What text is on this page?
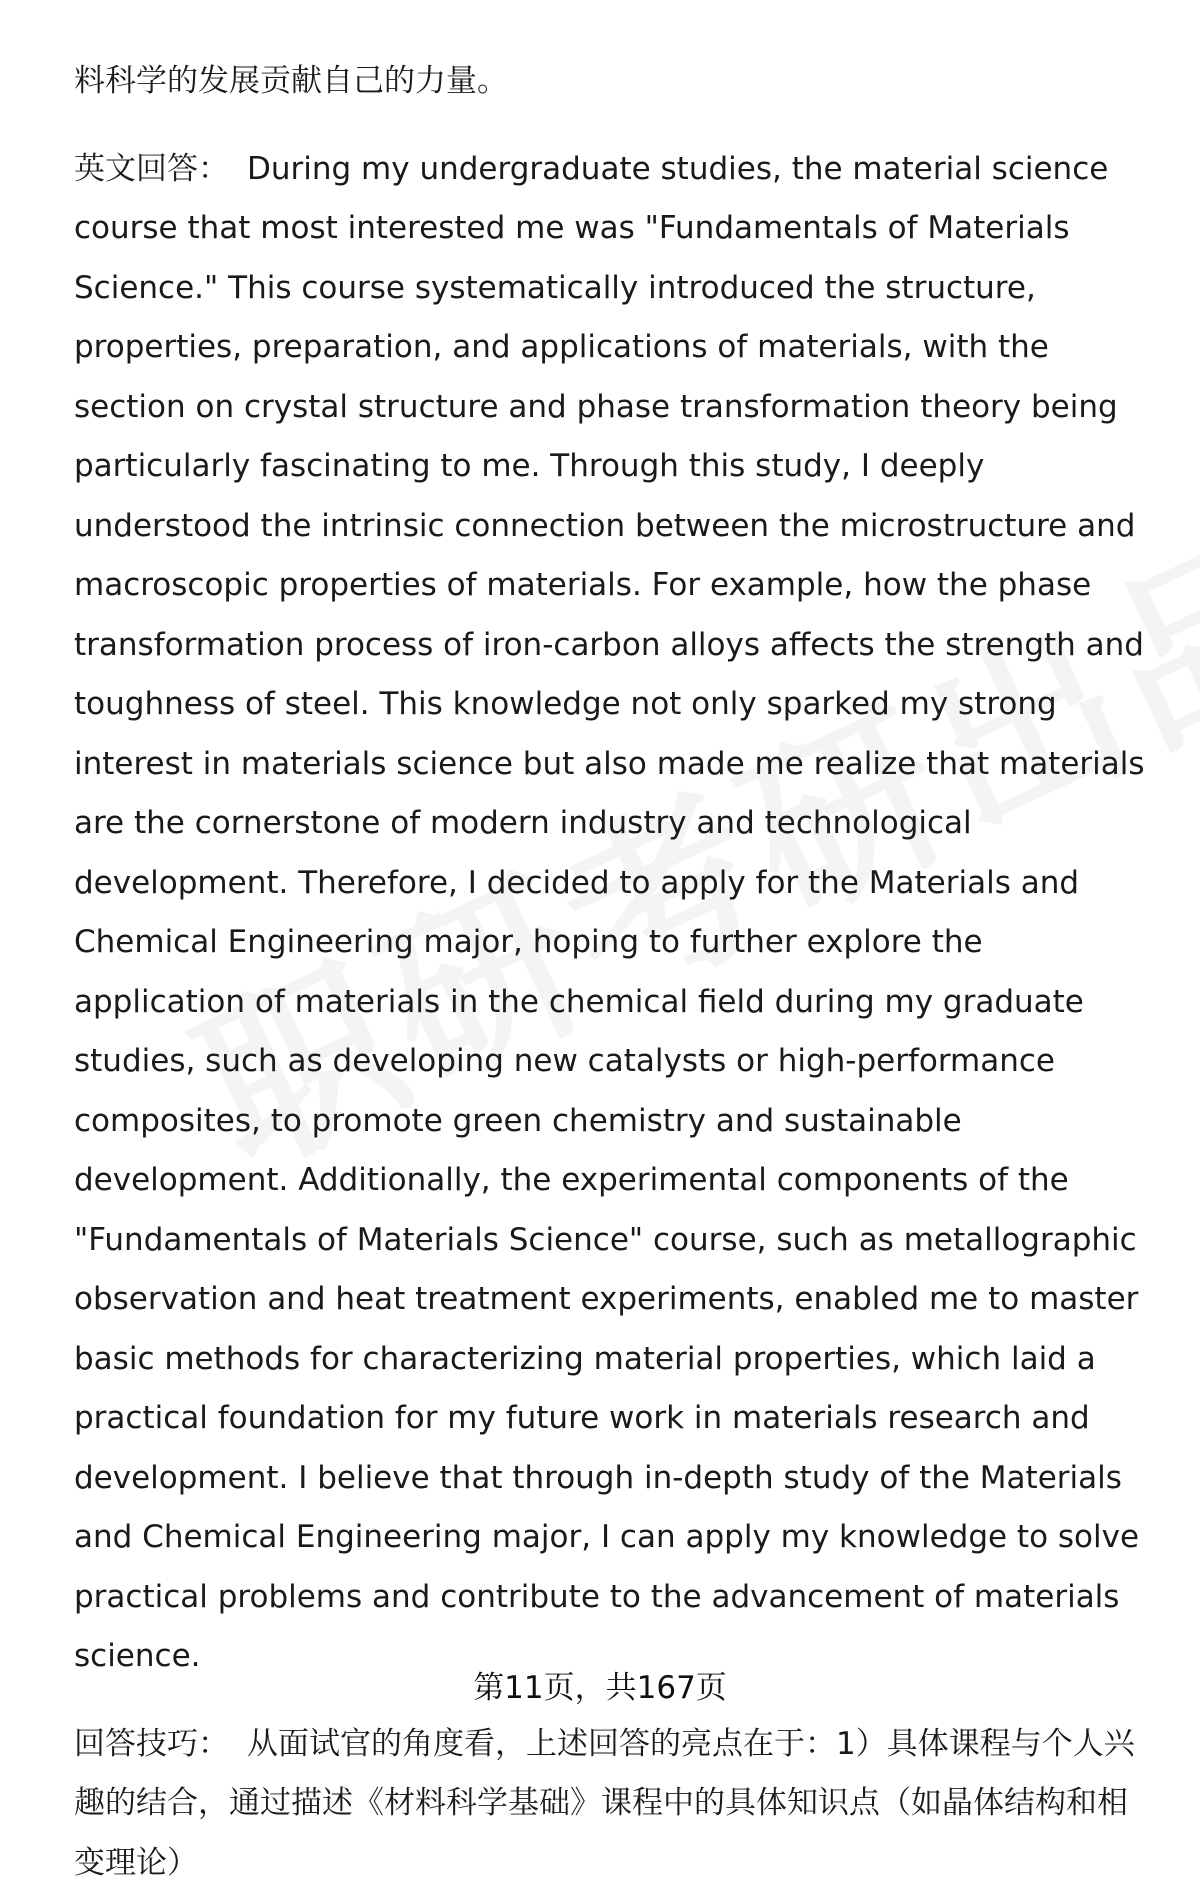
料科学的发展贡献自己的力量。

英文回答： During my undergraduate studies, the material science course that most interested me was "Fundamentals of Materials Science." This course systematically introduced the structure, properties, preparation, and applications of materials, with the section on crystal structure and phase transformation theory being particularly fascinating to me. Through this study, I deeply understood the intrinsic connection between the microstructure and macroscopic properties of materials. For example, how the phase transformation process of iron-carbon alloys affects the strength and toughness of steel. This knowledge not only sparked my strong interest in materials science but also made me realize that materials are the cornerstone of modern industry and technological development. Therefore, I decided to apply for the Materials and Chemical Engineering major, hoping to further explore the application of materials in the chemical field during my graduate studies, such as developing new catalysts or high-performance composites, to promote green chemistry and sustainable development. Additionally, the experimental components of the "Fundamentals of Materials Science" course, such as metallographic observation and heat treatment experiments, enabled me to master basic methods for characterizing material properties, which laid a practical foundation for my future work in materials research and development. I believe that through in-depth study of the Materials and Chemical Engineering major, I can apply my knowledge to solve practical problems and contribute to the advancement of materials science.

回答技巧： 从面试官的角度看，上述回答的亮点在于：1）具体课程与个人兴趣的结合，通过描述《材料科学基础》课程中的具体知识点（如晶体结构和相变理论）

第11页，共167页
